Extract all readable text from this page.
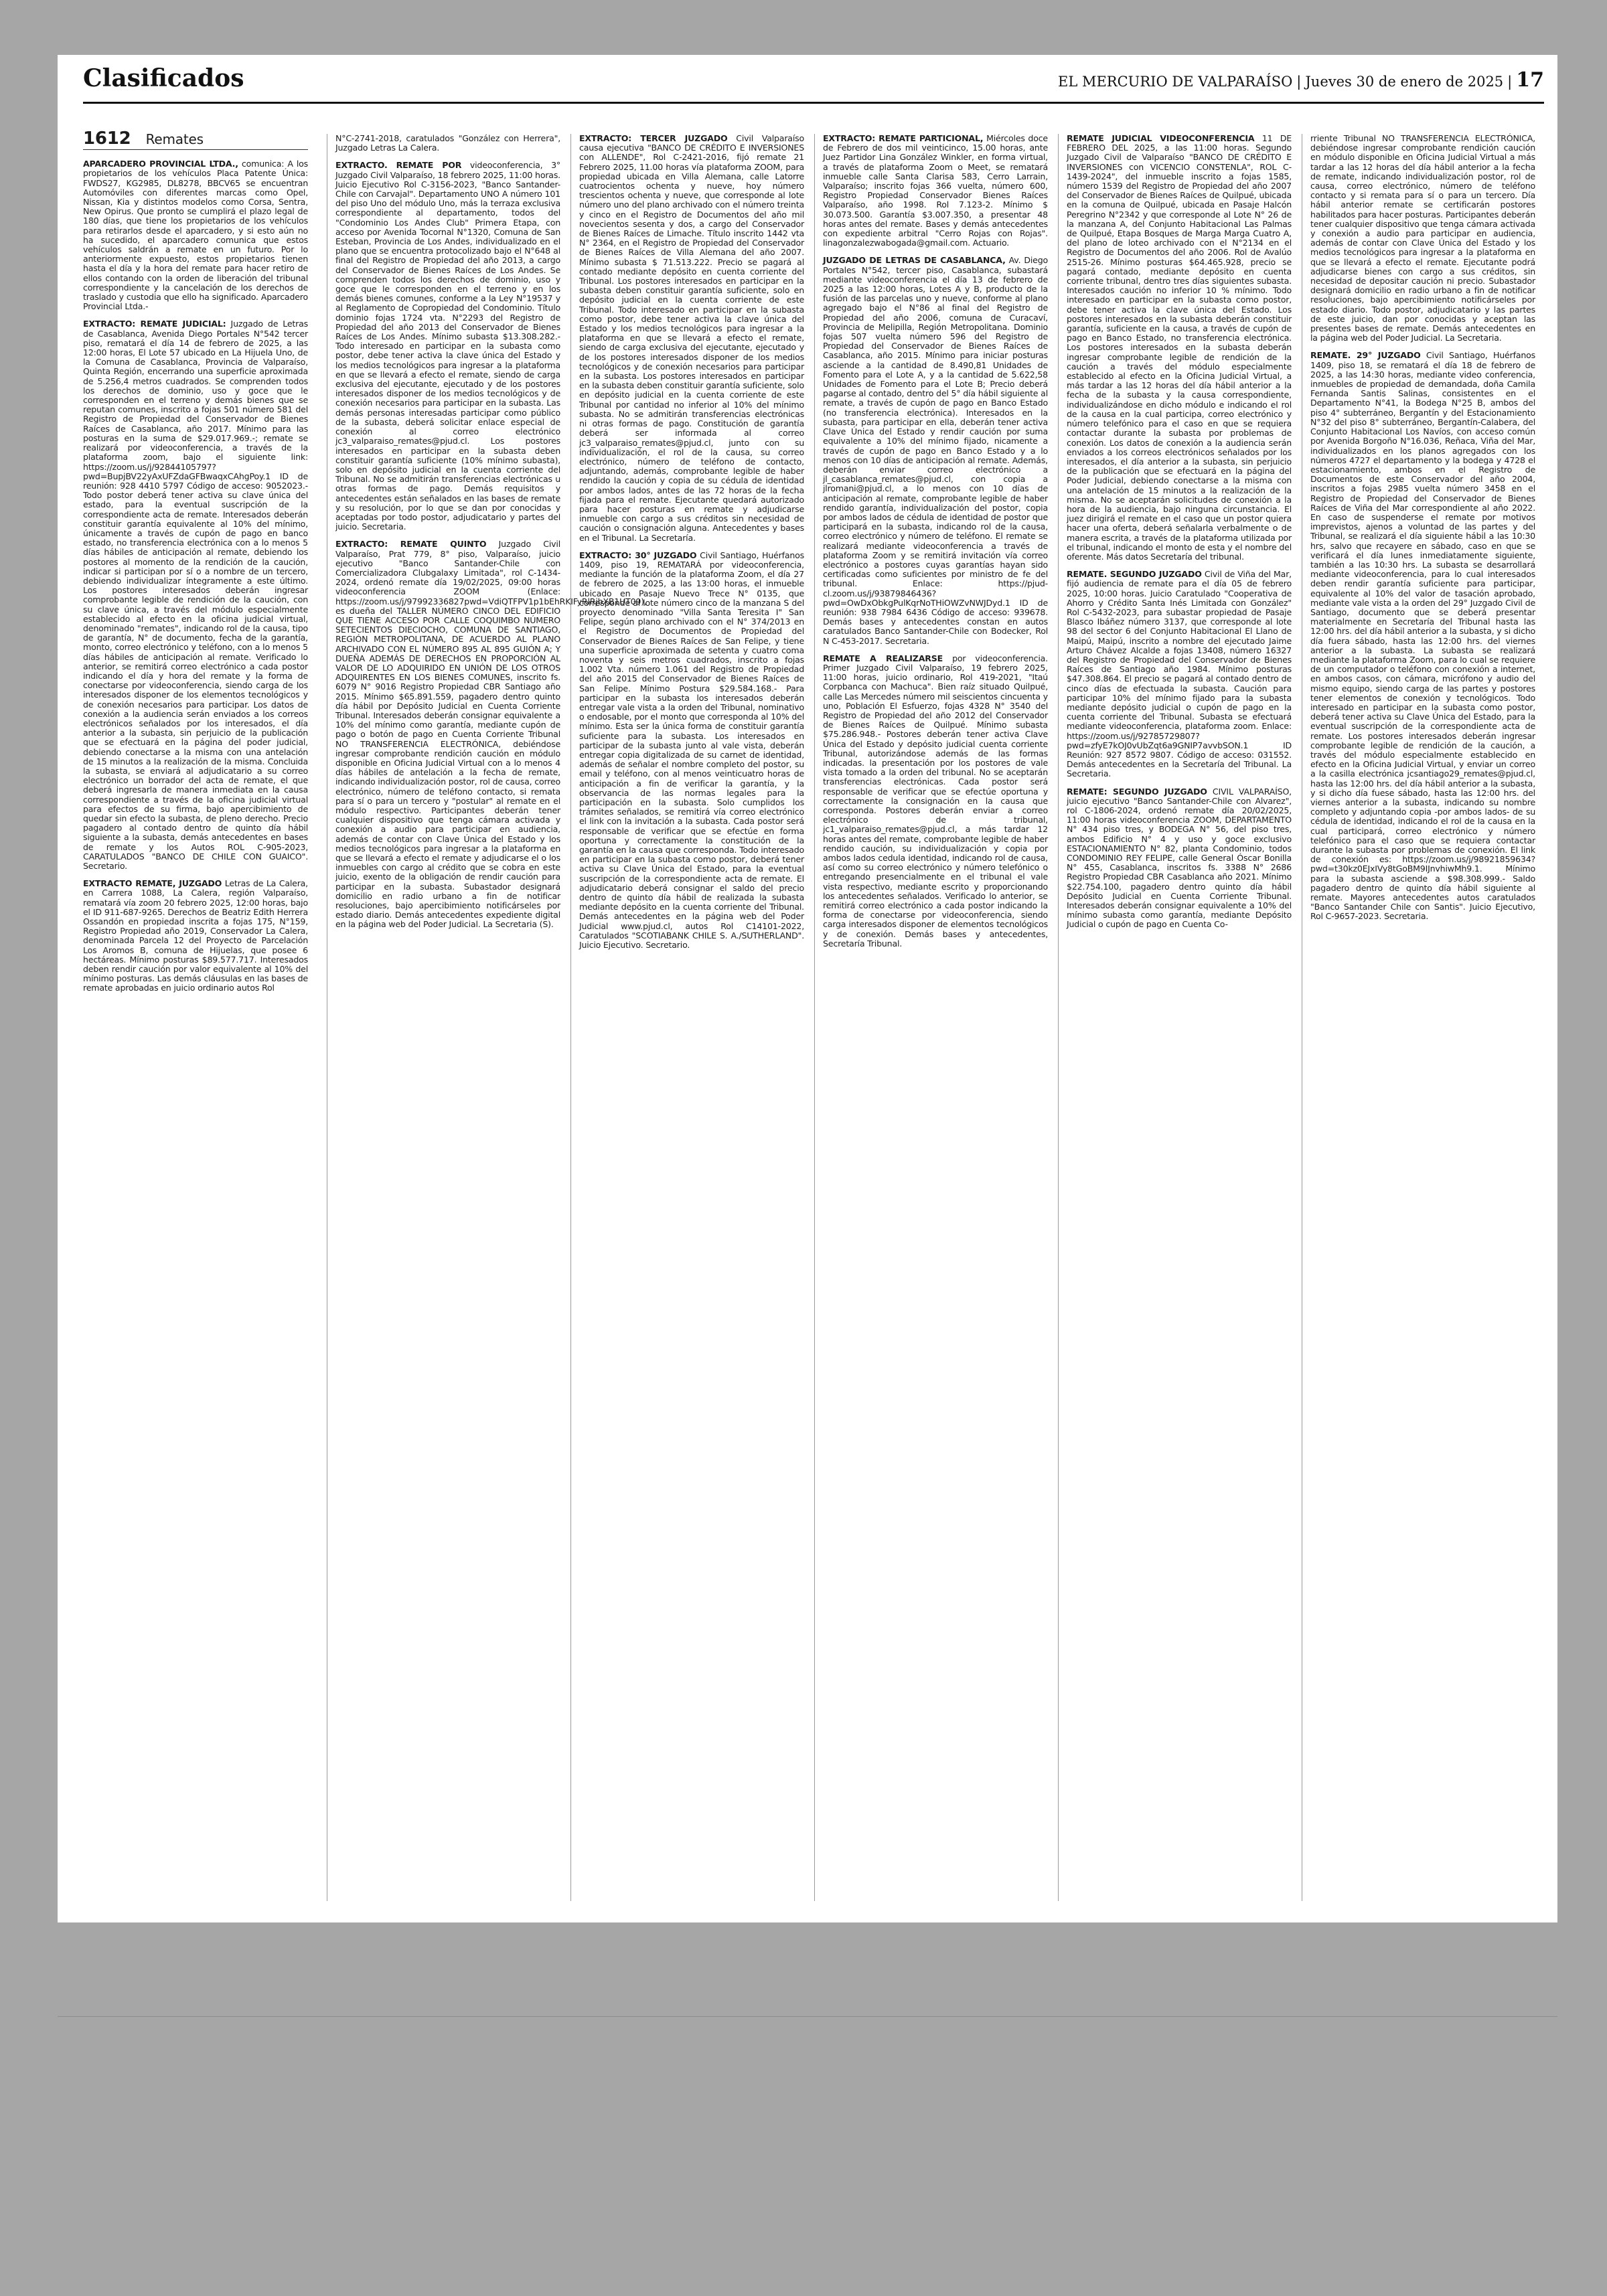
Clasificados	EL MERCURIO DE VALPARAÍSO | Jueves 30 de enero de 2025 | 17
1612 Remates

APARCADERO PROVINCIAL LTDA., comunica: A los propietarios de los vehículos Placa Patente Única: FWDS27, KG2985, DL8278, BBCV65 se encuentran Automóviles con diferentes marcas como Opel, Nissan, Kia y distintos modelos como Corsa, Sentra, New Opirus. Que pronto se cumplirá el plazo legal de 180 días, que tiene los propietarios de los vehículos para retirarlos desde el aparcadero, y si esto aún no ha sucedido, el aparcadero comunica que estos vehículos saldrán a remate en un futuro. Por lo anteriormente expuesto, estos propietarios tienen hasta el día y la hora del remate para hacer retiro de ellos contando con la orden de liberación del tribunal correspondiente y la cancelación de los derechos de traslado y custodia que ello ha significado. Aparcadero Provincial Ltda.-

EXTRACTO: REMATE JUDICIAL: Juzgado de Letras de Casablanca, Avenida Diego Portales N°542 tercer piso, rematará el día 14 de febrero de 2025, a las 12:00 horas, El Lote 57 ubicado en La Hijuela Uno, de la Comuna de Casablanca, Provincia de Valparaíso, Quinta Región, encerrando una superficie aproximada de 5.256,4 metros cuadrados. Se comprenden todos los derechos de dominio, uso y goce que le corresponden en el terreno y demás bienes que se reputan comunes, inscrito a fojas 501 número 581 del Registro de Propiedad del Conservador de Bienes Raíces de Casablanca, año 2017. Mínimo para las posturas en la suma de $29.017.969.-; remate se realizará por videoconferencia, a través de la plataforma zoom, bajo el siguiente link: https://zoom.us/j/92844105797?pwd=BupjBV22yAxUFZdaGFBwaqxCAhgPoy.1 ID de reunión: 928 4410 5797 Código de acceso: 9052023.- Todo postor deberá tener activa su clave única del estado, para la eventual suscripción de la correspondiente acta de remate. Interesados deberán constituir garantía equivalente al 10% del mínimo, únicamente a través de cupón de pago en banco estado, no transferencia electrónica con a lo menos 5 días hábiles de anticipación al remate, debiendo los postores al momento de la rendición de la caución, indicar si participan por sí o a nombre de un tercero, debiendo individualizar íntegramente a este último. Los postores interesados deberán ingresar comprobante legible de rendición de la caución, con su clave única, a través del módulo especialmente establecido al efecto en la oficina judicial virtual, denominado "remates", indicando rol de la causa, tipo de garantía, N° de documento, fecha de la garantía, monto, correo electrónico y teléfono, con a lo menos 5 días hábiles de anticipación al remate. Verificado lo anterior, se remitirá correo electrónico a cada postor indicando el día y hora del remate y la forma de conectarse por videoconferencia, siendo carga de los interesados disponer de los elementos tecnológicos y de conexión necesarios para participar. Los datos de conexión a la audiencia serán enviados a los correos electrónicos señalados por los interesados, el día anterior a la subasta, sin perjuicio de la publicación que se efectuará en la página del poder judicial, debiendo conectarse a la misma con una antelación de 15 minutos a la realización de la misma. Concluida la subasta, se enviará al adjudicatario a su correo electrónico un borrador del acta de remate, el que deberá ingresarla de manera inmediata en la causa correspondiente a través de la oficina judicial virtual para efectos de su firma, bajo apercibimiento de quedar sin efecto la subasta, de pleno derecho. Precio pagadero al contado dentro de quinto día hábil siguiente a la subasta, demás antecedentes en bases de remate y los Autos ROL C-905-2023, CARATULADOS "BANCO DE CHILE CON GUAICO". Secretario.

EXTRACTO REMATE, JUZGADO Letras de La Calera, en Carrera 1088, La Calera, región Valparaíso, rematará vía zoom 20 febrero 2025, 12:00 horas, bajo el ID 911-687-9265. Derechos de Beatriz Edith Herrera Ossandón en propiedad inscrita a fojas 175, N°159, Registro Propiedad año 2019, Conservador La Calera, denominada Parcela 12 del Proyecto de Parcelación Los Aromos B, comuna de Hijuelas, que posee 6 hectáreas. Mínimo posturas $89.577.717. Interesados deben rendir caución por valor equivalente al 10% del mínimo posturas. Las demás cláusulas en las bases de remate aprobadas en juicio ordinario autos Rol

N°C-2741-2018, caratulados "González con Herrera", Juzgado Letras La Calera.

EXTRACTO. REMATE POR videoconferencia, 3° Juzgado Civil Valparaíso, 18 febrero 2025, 11:00 horas. Juicio Ejecutivo Rol C-3156-2023, "Banco Santander-Chile con Carvajal". Departamento UNO A número 101 del piso Uno del módulo Uno, más la terraza exclusiva correspondiente al departamento, todos del "Condominio Los Andes Club" Primera Etapa, con acceso por Avenida Tocornal N°1320, Comuna de San Esteban, Provincia de Los Andes, individualizado en el plano que se encuentra protocolizado bajo el N°648 al final del Registro de Propiedad del año 2013, a cargo del Conservador de Bienes Raíces de Los Andes. Se comprenden todos los derechos de dominio, uso y goce que le corresponden en el terreno y en los demás bienes comunes, conforme a la Ley N°19537 y al Reglamento de Copropiedad del Condominio. Título dominio fojas 1724 vta. N°2293 del Registro de Propiedad del año 2013 del Conservador de Bienes Raíces de Los Andes. Mínimo subasta $13.308.282.- Todo interesado en participar en la subasta como postor, debe tener activa la clave única del Estado y los medios tecnológicos para ingresar a la plataforma en que se llevará a efecto el remate, siendo de carga exclusiva del ejecutante, ejecutado y de los postores interesados disponer de los medios tecnológicos y de conexión necesarios para participar en la subasta. Las demás personas interesadas participar como público de la subasta, deberá solicitar enlace especial de conexión al correo electrónico jc3_valparaiso_remates@pjud.cl. Los postores interesados en participar en la subasta deben constituir garantía suficiente (10% mínimo subasta), solo en depósito judicial en la cuenta corriente del Tribunal. No se admitirán transferencias electrónicas u otras formas de pago. Demás requisitos y antecedentes están señalados en las bases de remate y su resolución, por lo que se dan por conocidas y aceptadas por todo postor, adjudicatario y partes del juicio. Secretaria.

EXTRACTO: REMATE QUINTO Juzgado Civil Valparaíso, Prat 779, 8° piso, Valparaíso, juicio ejecutivo "Banco Santander-Chile con Comercializadora Clubgalaxy Limitada", rol C-1434-2024, ordenó remate día 19/02/2025, 09:00 horas videoconferencia ZOOM (Enlace: https://zoom.us/j/97992336827pwd=VdiQTFPV1p1bEhRKIFyRlRjbXB1UT09), es dueña del TALLER NÚMERO CINCO DEL EDIFICIO QUE TIENE ACCESO POR CALLE COQUIMBO NÚMERO SETECIENTOS DIECIOCHO, COMUNA DE SANTIAGO, REGIÓN METROPOLITANA, DE ACUERDO AL PLANO ARCHIVADO CON EL NÚMERO 895 AL 895 GUIÓN A; Y DUEÑA ADEMÁS DE DERECHOS EN PROPORCIÓN AL VALOR DE LO ADQUIRIDO EN UNIÓN DE LOS OTROS ADQUIRENTES EN LOS BIENES COMUNES, inscrito fs. 6079 N° 9016 Registro Propiedad CBR Santiago año 2015. Mínimo $65.891.559, pagadero dentro quinto día hábil por Depósito Judicial en Cuenta Corriente Tribunal. Interesados deberán consignar equivalente a 10% del mínimo como garantía, mediante cupón de pago o botón de pago en Cuenta Corriente Tribunal NO TRANSFERENCIA ELECTRÓNICA, debiéndose ingresar comprobante rendición caución en módulo disponible en Oficina Judicial Virtual con a lo menos 4 días hábiles de antelación a la fecha de remate, indicando individualización postor, rol de causa, correo electrónico, número de teléfono contacto, si remata para sí o para un tercero y "postular" al remate en el módulo respectivo. Participantes deberán tener cualquier dispositivo que tenga cámara activada y conexión a audio para participar en audiencia, además de contar con Clave Única del Estado y los medios tecnológicos para ingresar a la plataforma en que se llevará a efecto el remate y adjudicarse el o los inmuebles con cargo al crédito que se cobra en este juicio, exento de la obligación de rendir caución para participar en la subasta. Subastador designará domicilio en radio urbano a fin de notificar resoluciones, bajo apercibimiento notificárseles por estado diario. Demás antecedentes expediente digital en la página web del Poder Judicial. La Secretaria (S).

EXTRACTO: TERCER JUZGADO Civil Valparaíso causa ejecutiva "BANCO DE CRÉDITO E INVERSIONES con ALLENDE", Rol C-2421-2016, fijó remate 21 Febrero 2025, 11.00 horas vía plataforma ZOOM, para propiedad ubicada en Villa Alemana, calle Latorre cuatrocientos ochenta y nueve, hoy número trescientos ochenta y nueve, que corresponde al lote número uno del plano archivado con el número treinta y cinco en el Registro de Documentos del año mil novecientos sesenta y dos, a cargo del Conservador de Bienes Raíces de Limache. Título inscrito 1442 vta N° 2364, en el Registro de Propiedad del Conservador de Bienes Raíces de Villa Alemana del año 2007. Mínimo subasta $ 71.513.222. Precio se pagará al contado mediante depósito en cuenta corriente del Tribunal. Los postores interesados en participar en la subasta deben constituir garantía suficiente, solo en depósito judicial en la cuenta corriente de este Tribunal. Todo interesado en participar en la subasta como postor, debe tener activa la clave única del Estado y los medios tecnológicos para ingresar a la plataforma en que se llevará a efecto el remate, siendo de carga exclusiva del ejecutante, ejecutado y de los postores interesados disponer de los medios tecnológicos y de conexión necesarios para participar en la subasta. Los postores interesados en participar en la subasta deben constituir garantía suficiente, solo en depósito judicial en la cuenta corriente de este Tribunal por cantidad no inferior al 10% del mínimo subasta. No se admitirán transferencias electrónicas ni otras formas de pago. Constitución de garantía deberá ser informada al correo jc3_valparaiso_remates@pjud.cl, junto con su individualización, el rol de la causa, su correo electrónico, número de teléfono de contacto, adjuntando, además, comprobante legible de haber rendido la caución y copia de su cédula de identidad por ambos lados, antes de las 72 horas de la fecha fijada para el remate. Ejecutante quedará autorizado para hacer posturas en remate y adjudicarse inmueble con cargo a sus créditos sin necesidad de caución o consignación alguna. Antecedentes y bases en el Tribunal. La Secretaría.

EXTRACTO: 30° JUZGADO Civil Santiago, Huérfanos 1409, piso 19, REMATARÁ por videoconferencia, mediante la función de la plataforma Zoom, el día 27 de febrero de 2025, a las 13:00 horas, el inmueble ubicado en Pasaje Nuevo Trece N° 0135, que corresponde al lote número cinco de la manzana S del proyecto denominado "Villa Santa Teresita I" San Felipe, según plano archivado con el N° 374/2013 en el Registro de Documentos de Propiedad del Conservador de Bienes Raíces de San Felipe, y tiene una superficie aproximada de setenta y cuatro coma noventa y seis metros cuadrados, inscrito a fojas 1.002 Vta. número 1.061 del Registro de Propiedad del año 2015 del Conservador de Bienes Raíces de San Felipe. Mínimo Postura $29.584.168.- Para participar en la subasta los interesados deberán entregar vale vista a la orden del Tribunal, nominativo o endosable, por el monto que corresponda al 10% del mínimo. Esta ser la única forma de constituir garantía suficiente para la subasta. Los interesados en participar de la subasta junto al vale vista, deberán entregar copia digitalizada de su carnet de identidad, además de señalar el nombre completo del postor, su email y teléfono, con al menos veinticuatro horas de anticipación a fin de verificar la garantía, y la observancia de las normas legales para la participación en la subasta. Solo cumplidos los trámites señalados, se remitirá vía correo electrónico el link con la invitación a la subasta. Cada postor será responsable de verificar que se efectúe en forma oportuna y correctamente la constitución de la garantía en la causa que corresponda. Todo interesado en participar en la subasta como postor, deberá tener activa su Clave Única del Estado, para la eventual suscripción de la correspondiente acta de remate. El adjudicatario deberá consignar el saldo del precio dentro de quinto día hábil de realizada la subasta mediante depósito en la cuenta corriente del Tribunal. Demás antecedentes en la página web del Poder Judicial www.pjud.cl, autos Rol C14101-2022, Caratulados "SCOTIABANK CHILE S. A./SUTHERLAND". Juicio Ejecutivo. Secretario.

EXTRACTO: REMATE PARTICIONAL, Miércoles doce de Febrero de dos mil veinticinco, 15.00 horas, ante Juez Partidor Lina González Winkler, en forma virtual, a través de plataforma Zoom o Meet, se rematará inmueble calle Santa Clarisa 583, Cerro Larrain, Valparaíso; inscrito fojas 366 vuelta, número 600, Registro Propiedad Conservador Bienes Raíces Valparaíso, año 1998. Rol 7.123-2. Mínimo $ 30.073.500. Garantía $3.007.350, a presentar 48 horas antes del remate. Bases y demás antecedentes con expediente arbitral "Cerro Rojas con Rojas". linagonzalezwabogada@gmail.com. Actuario.

JUZGADO DE LETRAS DE CASABLANCA, Av. Diego Portales N°542, tercer piso, Casablanca, subastará mediante videoconferencia el día 13 de febrero de 2025 a las 12:00 horas, Lotes A y B, producto de la fusión de las parcelas uno y nueve, conforme al plano agregado bajo el N°86 al final del Registro de Propiedad del año 2006, comuna de Curacaví, Provincia de Melipilla, Región Metropolitana. Dominio fojas 507 vuelta número 596 del Registro de Propiedad del Conservador de Bienes Raíces de Casablanca, año 2015. Mínimo para iniciar posturas asciende a la cantidad de 8.490,81 Unidades de Fomento para el Lote A, y a la cantidad de 5.622,58 Unidades de Fomento para el Lote B; Precio deberá pagarse al contado, dentro del 5° día hábil siguiente al remate, a través de cupón de pago en Banco Estado (no transferencia electrónica). Interesados en la subasta, para participar en ella, deberán tener activa Clave Única del Estado y rendir caución por suma equivalente a 10% del mínimo fijado, nicamente a través de cupón de pago en Banco Estado y a lo menos con 10 días de anticipación al remate. Además, deberán enviar correo electrónico a jl_casablanca_remates@pjud.cl, con copia a jlromani@pjud.cl, a lo menos con 10 días de anticipación al remate, comprobante legible de haber rendido garantía, individualización del postor, copia por ambos lados de cédula de identidad de postor que participará en la subasta, indicando rol de la causa, correo electrónico y número de teléfono. El remate se realizará mediante videoconferencia a través de plataforma Zoom y se remitirá invitación vía correo electrónico a postores cuyas garantías hayan sido certificadas como suficientes por ministro de fe del tribunal. Enlace: https://pjud-cl.zoom.us/j/93879846436?pwd=OwDxObkgPulKqrNoTHiOWZvNWJDyd.1 ID de reunión: 938 7984 6436 Código de acceso: 939678. Demás bases y antecedentes constan en autos caratulados Banco Santander-Chile con Bodecker, Rol N C-453-2017. Secretaria.

REMATE A REALIZARSE por videoconferencia. Primer Juzgado Civil Valparaíso, 19 febrero 2025, 11:00 horas, juicio ordinario, Rol 419-2021, "Itaú Corpbanca con Machuca". Bien raíz situado Quilpué, calle Las Mercedes número mil seiscientos cincuenta y uno, Población El Esfuerzo, fojas 4328 N° 3540 del Registro de Propiedad del año 2012 del Conservador de Bienes Raíces de Quilpué. Mínimo subasta $75.286.948.- Postores deberán tener activa Clave Única del Estado y depósito judicial cuenta corriente Tribunal, autorizándose además de las formas indicadas. la presentación por los postores de vale vista tomado a la orden del tribunal. No se aceptarán transferencias electrónicas. Cada postor será responsable de verificar que se efectúe oportuna y correctamente la consignación en la causa que corresponda. Postores deberán enviar a correo electrónico de tribunal, jc1_valparaiso_remates@pjud.cl, a más tardar 12 horas antes del remate, comprobante legible de haber rendido caución, su individualización y copia por ambos lados cedula identidad, indicando rol de causa, así como su correo electrónico y número telefónico o entregando presencialmente en el tribunal el vale vista respectivo, mediante escrito y proporcionando los antecedentes señalados. Verificado lo anterior, se remitirá correo electrónico a cada postor indicando la forma de conectarse por videoconferencia, siendo carga interesados disponer de elementos tecnológicos y de conexión. Demás bases y antecedentes, Secretaría Tribunal.

REMATE JUDICIAL VIDEOCONFERENCIA 11 DE FEBRERO DEL 2025, a las 11:00 horas. Segundo Juzgado Civil de Valparaíso "BANCO DE CRÉDITO E INVERSIONES con VICENCIO CONSTENLA", ROL C-1439-2024", del inmueble inscrito a fojas 1585, número 1539 del Registro de Propiedad del año 2007 del Conservador de Bienes Raíces de Quilpué, ubicada en la comuna de Quilpué, ubicada en Pasaje Halcón Peregrino N°2342 y que corresponde al Lote N° 26 de la manzana A, del Conjunto Habitacional Las Palmas de Quilpué, Etapa Bosques de Marga Marga Cuatro A, del plano de loteo archivado con el N°2134 en el Registro de Documentos del año 2006. Rol de Avalúo 2515-26. Mínimo posturas $64.465.928, precio se pagará contado, mediante depósito en cuenta corriente tribunal, dentro tres días siguientes subasta. Interesados caución no inferior 10 % mínimo. Todo interesado en participar en la subasta como postor, debe tener activa la clave única del Estado. Los postores interesados en la subasta deberán constituir garantía, suficiente en la causa, a través de cupón de pago en Banco Estado, no transferencia electrónica. Los postores interesados en la subasta deberán ingresar comprobante legible de rendición de la caución a través del módulo especialmente establecido al efecto en la Oficina Judicial Virtual, a más tardar a las 12 horas del día hábil anterior a la fecha de la subasta y la causa correspondiente, individualizándose en dicho módulo e indicando el rol de la causa en la cual participa, correo electrónico y número telefónico para el caso en que se requiera contactar durante la subasta por problemas de conexión. Los datos de conexión a la audiencia serán enviados a los correos electrónicos señalados por los interesados, el día anterior a la subasta, sin perjuicio de la publicación que se efectuará en la página del Poder Judicial, debiendo conectarse a la misma con una antelación de 15 minutos a la realización de la misma. No se aceptarán solicitudes de conexión a la hora de la audiencia, bajo ninguna circunstancia. El juez dirigirá el remate en el caso que un postor quiera hacer una oferta, deberá señalarla verbalmente o de manera escrita, a través de la plataforma utilizada por el tribunal, indicando el monto de esta y el nombre del oferente. Más datos Secretaría del tribunal.

REMATE. SEGUNDO JUZGADO Civil de Viña del Mar, fijó audiencia de remate para el día 05 de febrero 2025, 10:00 horas. Juicio Caratulado "Cooperativa de Ahorro y Crédito Santa Inés Limitada con González" Rol C-5432-2023, para subastar propiedad de Pasaje Blasco Ibáñez número 3137, que corresponde al lote 98 del sector 6 del Conjunto Habitacional El Llano de Maipú, Maipú, inscrito a nombre del ejecutado Jaime Arturo Chávez Alcalde a fojas 13408, número 16327 del Registro de Propiedad del Conservador de Bienes Raíces de Santiago año 1984. Mínimo posturas $47.308.864. El precio se pagará al contado dentro de cinco días de efectuada la subasta. Caución para participar 10% del mínimo fijado para la subasta mediante depósito judicial o cupón de pago en la cuenta corriente del Tribunal. Subasta se efectuará mediante videoconferencia, plataforma zoom. Enlace: https://zoom.us/j/92785729807?pwd=zfyE7kOJ0vUbZqt6a9GNIP7avvbSON.1 ID Reunión: 927 8572 9807. Código de acceso: 031552. Demás antecedentes en la Secretaría del Tribunal. La Secretaria.

REMATE: SEGUNDO JUZGADO CIVIL VALPARAÍSO, juicio ejecutivo "Banco Santander-Chile con Alvarez", rol C-1806-2024, ordenó remate día 20/02/2025, 11:00 horas videoconferencia ZOOM, DEPARTAMENTO N° 434 piso tres, y BODEGA N° 56, del piso tres, ambos Edificio N° 4 y uso y goce exclusivo ESTACIONAMIENTO N° 82, planta Condominio, todos CONDOMINIO REY FELIPE, calle General Óscar Bonilla N° 455, Casablanca, inscritos fs. 3388 N° 2686 Registro Propiedad CBR Casablanca año 2021. Mínimo $22.754.100, pagadero dentro quinto día hábil Depósito Judicial en Cuenta Corriente Tribunal. Interesados deberán consignar equivalente a 10% del mínimo subasta como garantía, mediante Depósito Judicial o cupón de pago en Cuenta Co-

rriente Tribunal NO TRANSFERENCIA ELECTRÓNICA, debiéndose ingresar comprobante rendición caución en módulo disponible en Oficina Judicial Virtual a más tardar a las 12 horas del día hábil anterior a la fecha de remate, indicando individualización postor, rol de causa, correo electrónico, número de teléfono contacto y si remata para sí o para un tercero. Día hábil anterior remate se certificarán postores habilitados para hacer posturas. Participantes deberán tener cualquier dispositivo que tenga cámara activada y conexión a audio para participar en audiencia, además de contar con Clave Única del Estado y los medios tecnológicos para ingresar a la plataforma en que se llevará a efecto el remate. Ejecutante podrá adjudicarse bienes con cargo a sus créditos, sin necesidad de depositar caución ni precio. Subastador designará domicilio en radio urbano a fin de notificar resoluciones, bajo apercibimiento notificárseles por estado diario. Todo postor, adjudicatario y las partes de este juicio, dan por conocidas y aceptan las presentes bases de remate. Demás antecedentes en la página web del Poder Judicial. La Secretaria.

REMATE. 29° JUZGADO Civil Santiago, Huérfanos 1409, piso 18, se rematará el día 18 de febrero de 2025, a las 14:30 horas, mediante video conferencia, inmuebles de propiedad de demandada, doña Camila Fernanda Santis Salinas, consistentes en el Departamento N°41, la Bodega N°25 B, ambos del piso 4° subterráneo, Bergantín y del Estacionamiento N°32 del piso 8° subterráneo, Bergantín-Calabera, del Conjunto Habitacional Los Navíos, con acceso común por Avenida Borgoño N°16.036, Reñaca, Viña del Mar, individualizados en los planos agregados con los números 4727 el departamento y la bodega y 4728 el estacionamiento, ambos en el Registro de Documentos de este Conservador del año 2004, inscritos a fojas 2985 vuelta número 3458 en el Registro de Propiedad del Conservador de Bienes Raíces de Viña del Mar correspondiente al año 2022. En caso de suspenderse el remate por motivos imprevistos, ajenos a voluntad de las partes y del Tribunal, se realizará el día siguiente hábil a las 10:30 hrs, salvo que recayere en sábado, caso en que se verificará el día lunes inmediatamente siguiente, también a las 10:30 hrs. La subasta se desarrollará mediante videoconferencia, para lo cual interesados deben rendir garantía suficiente para participar, equivalente al 10% del valor de tasación aprobado, mediante vale vista a la orden del 29° Juzgado Civil de Santiago, documento que se deberá presentar materialmente en Secretaría del Tribunal hasta las 12:00 hrs. del día hábil anterior a la subasta, y si dicho día fuera sábado, hasta las 12:00 hrs. del viernes anterior a la subasta. La subasta se realizará mediante la plataforma Zoom, para lo cual se requiere de un computador o teléfono con conexión a internet, en ambos casos, con cámara, micrófono y audio del mismo equipo, siendo carga de las partes y postores tener elementos de conexión y tecnológicos. Todo interesado en participar en la subasta como postor, deberá tener activa su Clave Única del Estado, para la eventual suscripción de la correspondiente acta de remate. Los postores interesados deberán ingresar comprobante legible de rendición de la caución, a través del módulo especialmente establecido en efecto en la Oficina Judicial Virtual, y enviar un correo a la casilla electrónica jcsantiago29_remates@pjud.cl, hasta las 12:00 hrs. del día hábil anterior a la subasta, y si dicho día fuese sábado, hasta las 12:00 hrs. del viernes anterior a la subasta, indicando su nombre completo y adjuntando copia -por ambos lados- de su cédula de identidad, indicando el rol de la causa en la cual participará, correo electrónico y número telefónico para el caso que se requiera contactar durante la subasta por problemas de conexión. El link de conexión es: https://zoom.us/j/98921859634?pwd=t30kz0EJxIVy8tGoBM9IJnvhiwMh9.1. Mínimo para la subasta asciende a $98.308.999.- Saldo pagadero dentro de quinto día hábil siguiente al remate. Mayores antecedentes autos caratulados "Banco Santander Chile con Santis". Juicio Ejecutivo, Rol C-9657-2023. Secretaria.
